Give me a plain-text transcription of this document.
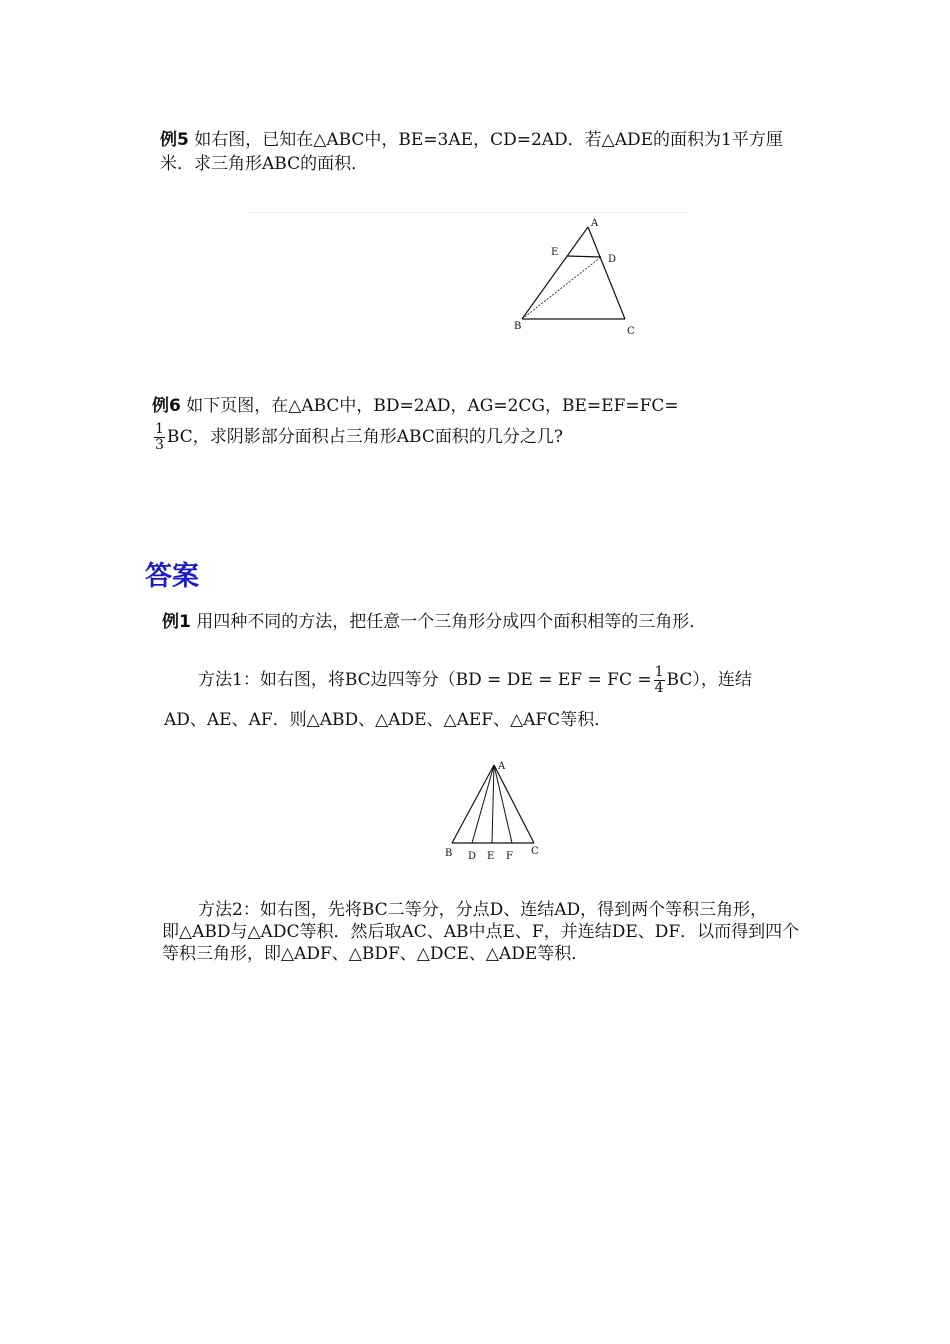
例5 如右图，已知在△ABC中，BE=3AE，CD=2AD．若△ADE的面积为1平方厘
米．求三角形ABC的面积．
A
E
D
B	C
例6 如下页图，在△ABC中，BD=2AD，AG=2CG，BE=EF=FC=
$\frac{1}{3}$ BC，求阴影部分面积占三角形ABC面积的几分之几?
答案
例1 用四种不同的方法，把任意一个三角形分成四个面积相等的三角形．
方法1：如右图，将BC边四等分（BD = DE = EF = FC = $\frac{1}{4} BC$），连结
AD、AE、AF．则△ABD、△ADE、△AEF、△AFC等积．
A
B D E F C
方法2：如右图，先将BC二等分，分点D、连结AD，得到两个等积三角形，
即△ABD与△ADC等积．然后取AC、AB中点E、F，并连结DE、DF．以而得到四个
等积三角形，即△ADF、△BDF、△DCE、△ADE等积．
